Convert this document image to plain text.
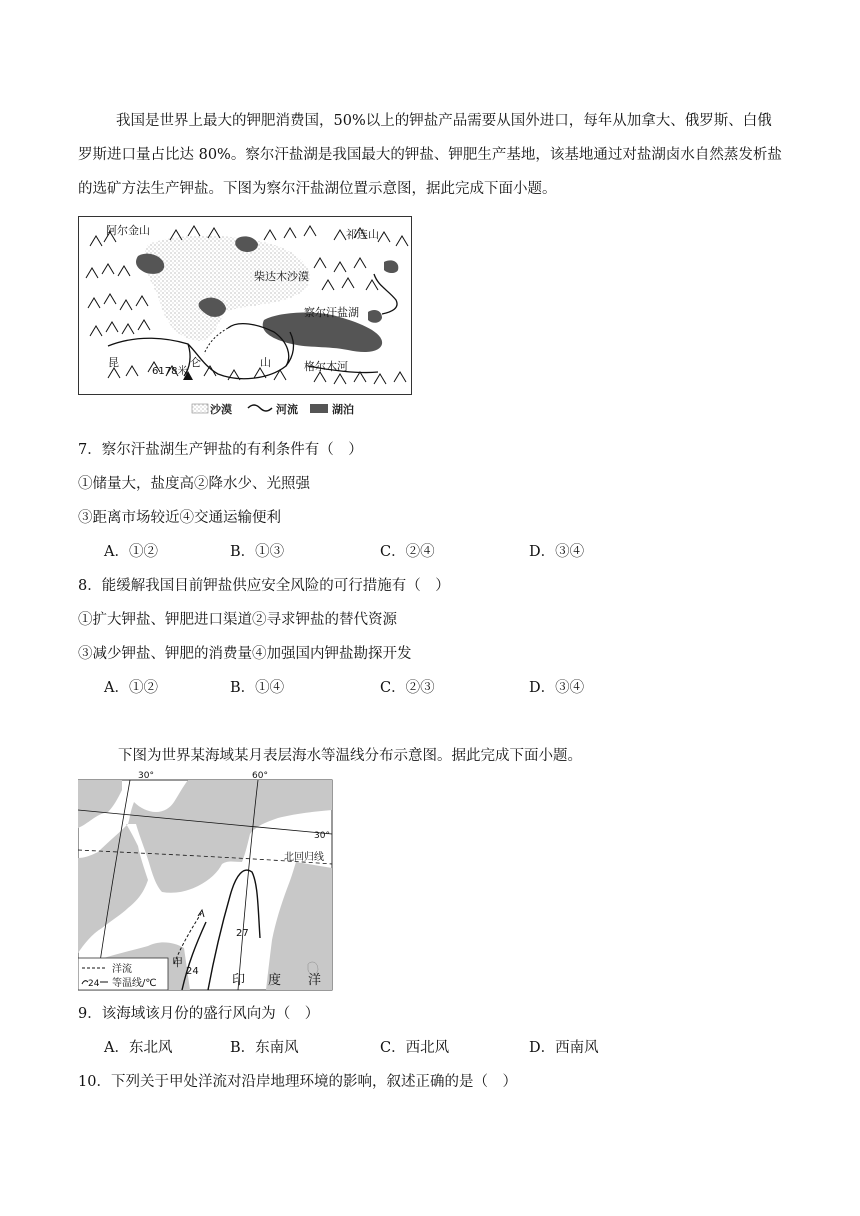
我国是世界上最大的钾肥消费国，50%以上的钾盐产品需要从国外进口，每年从加拿大、俄罗斯、白俄罗斯进口量占比达 80%。察尔汗盐湖是我国最大的钾盐、钾肥生产基地，该基地通过对盐湖卤水自然蒸发析盐的选矿方法生产钾盐。下图为察尔汗盐湖位置示意图，据此完成下面小题。
阿尔金山	祁连山
柴达木沙漠
察尔汗盐湖
昆	仑	山
6178米	格尔木河
沙漠	河流	湖泊
7．察尔汗盐湖生产钾盐的有利条件有（　）
①储量大，盐度高②降水少、光照强
③距离市场较近④交通运输便利
A．①②	B．①③	C．②④	D．③④
8．能缓解我国目前钾盐供应安全风险的可行措施有（　）
①扩大钾盐、钾肥进口渠道②寻求钾盐的替代资源
③减少钾盐、钾肥的消费量④加强国内钾盐勘探开发
A．①②	B．①④	C．②③	D．③④
下图为世界某海域某月表层海水等温线分布示意图。据此完成下面小题。
30°	60°
30°
北回归线
27
24
甲
印 度 洋
洋流
24 等温线/℃
9．该海域该月份的盛行风向为（　）
A．东北风	B．东南风	C．西北风	D．西南风
10．下列关于甲处洋流对沿岸地理环境的影响，叙述正确的是（　）
